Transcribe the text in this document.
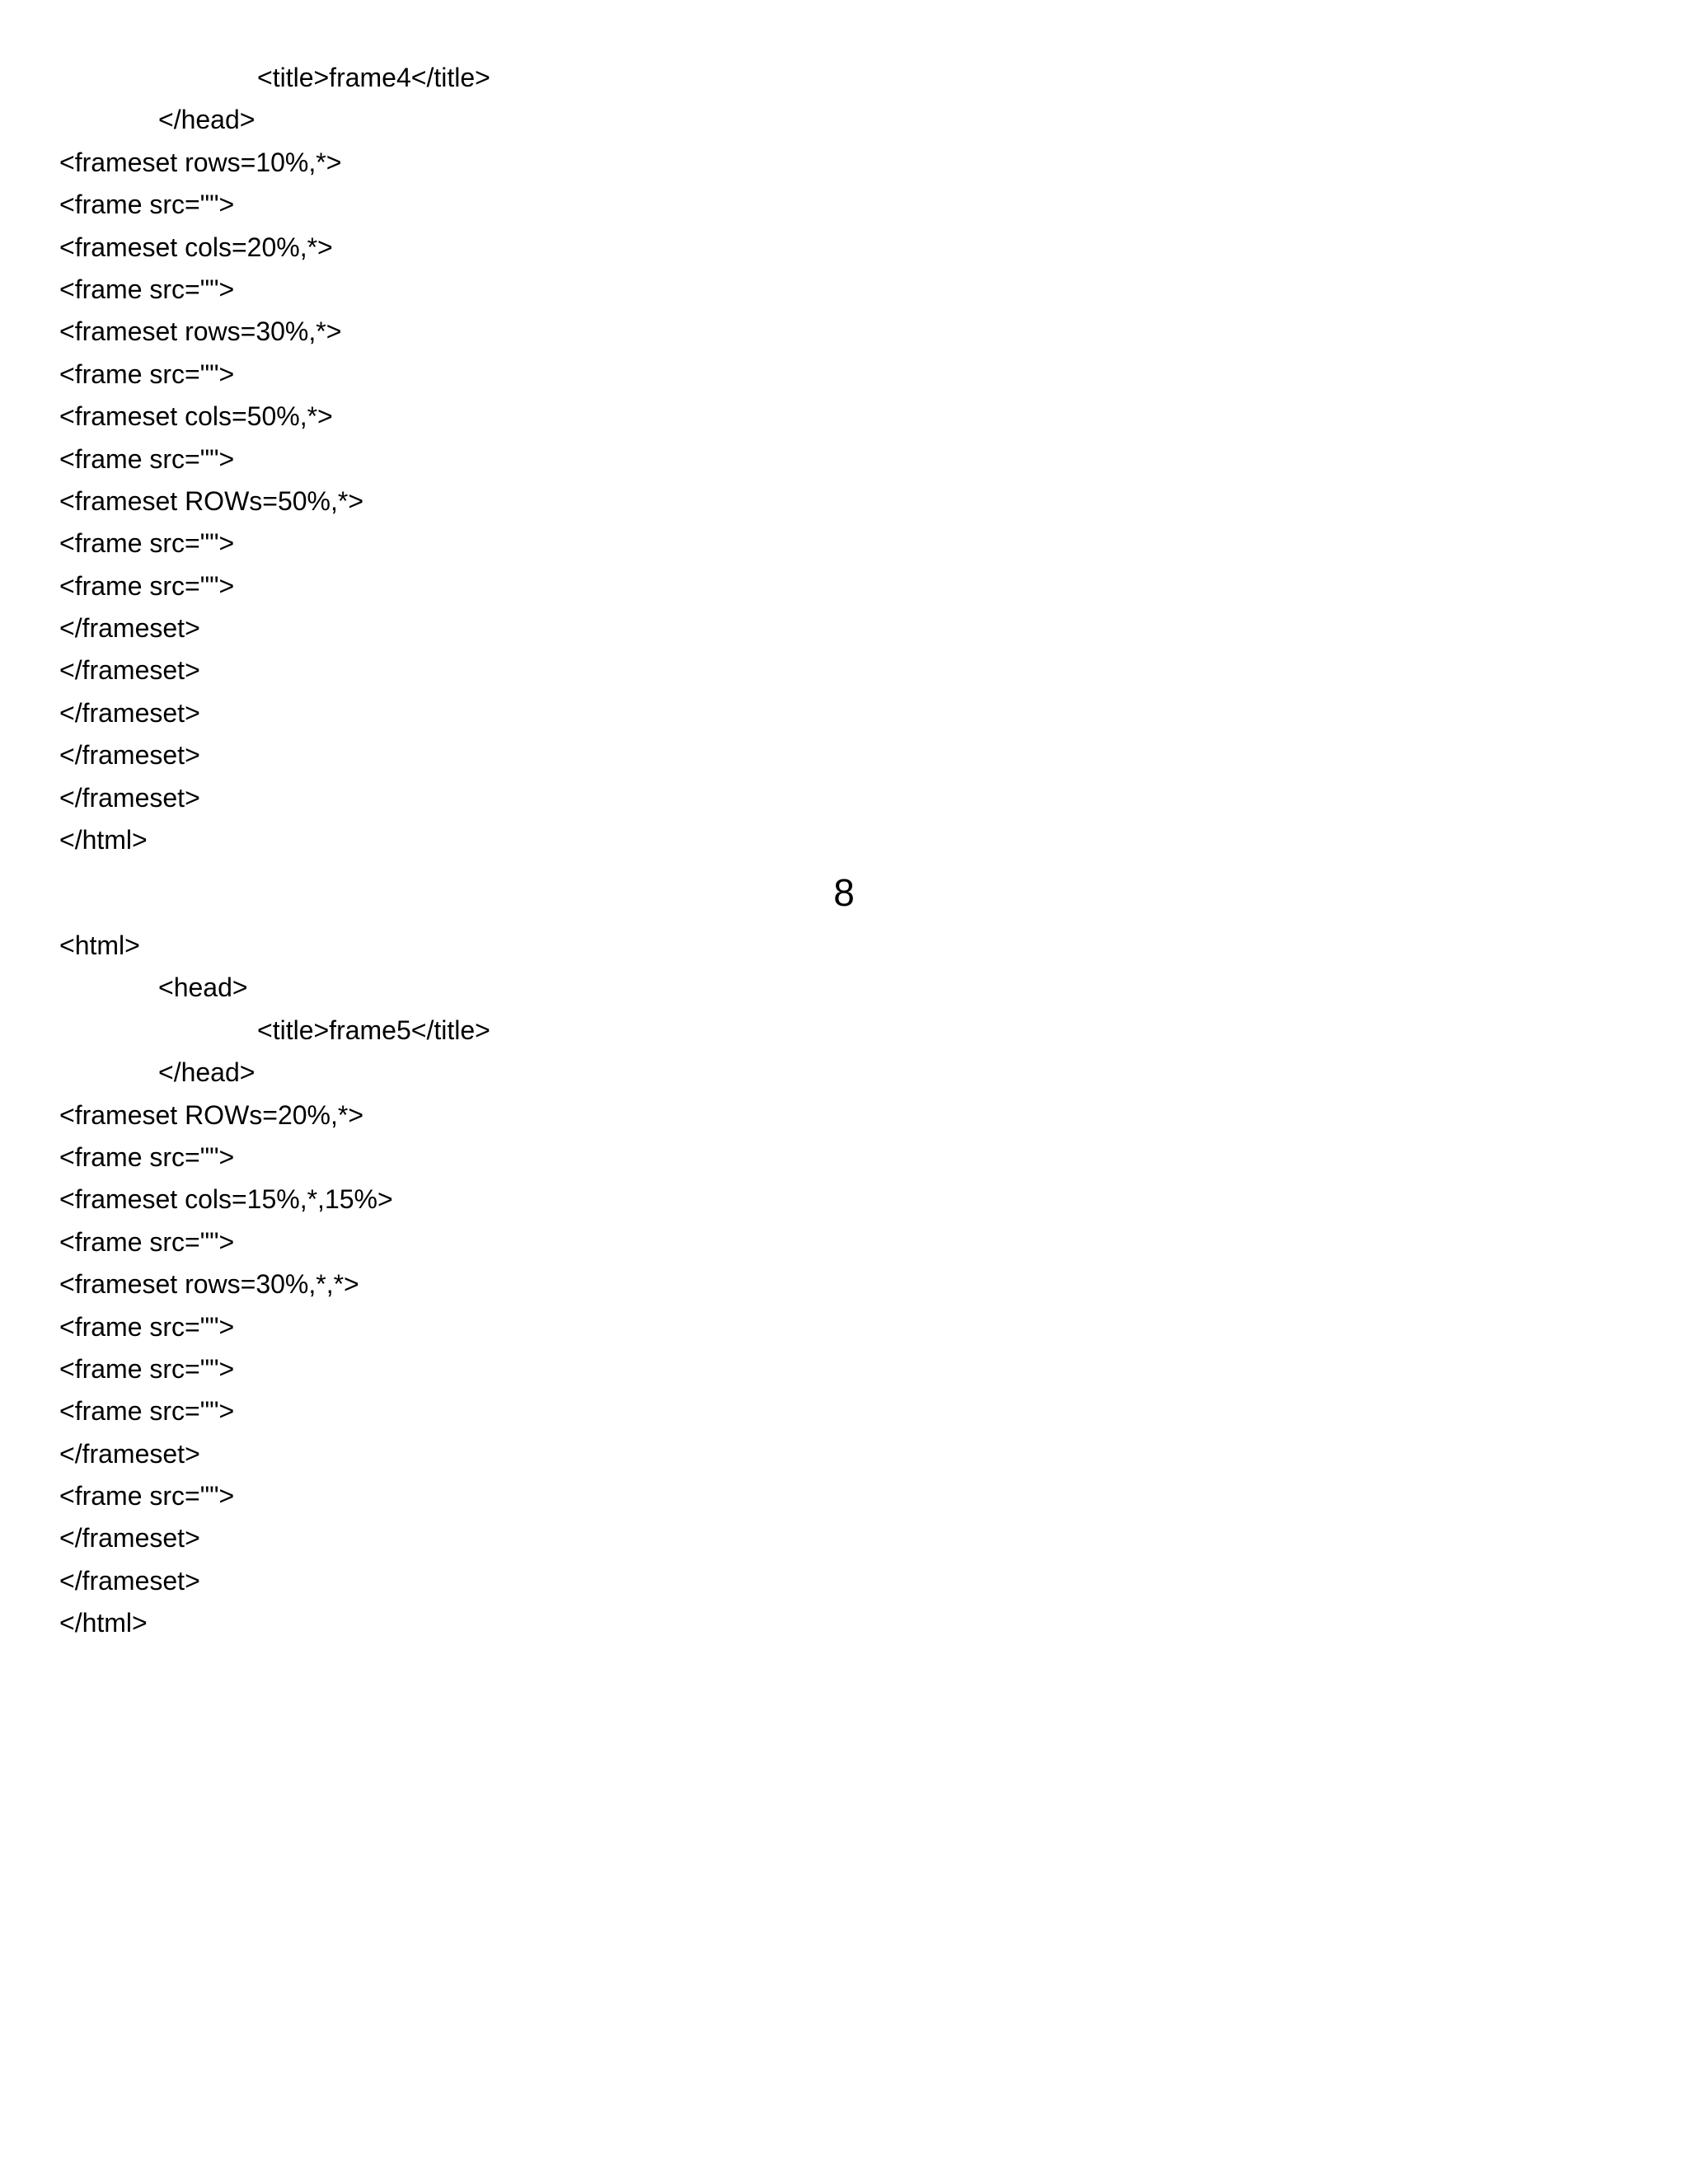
<title>frame4</title>
</head>
<frameset rows=10%,*>
<frame src="">
<frameset cols=20%,*>
<frame src="">
<frameset rows=30%,*>
<frame src="">
<frameset cols=50%,*>
<frame src="">
<frameset ROWs=50%,*>
<frame src="">
<frame src="">
</frameset>
</frameset>
</frameset>
</frameset>
</frameset>
</html>
8
<html>
<head>
<title>frame5</title>
</head>
<frameset ROWs=20%,*>
<frame src="">
<frameset cols=15%,*,15%>
<frame src="">
<frameset rows=30%,*,*>
<frame src="">
<frame src="">
<frame src="">
</frameset>
<frame src="">
</frameset>
</frameset>
</html>
